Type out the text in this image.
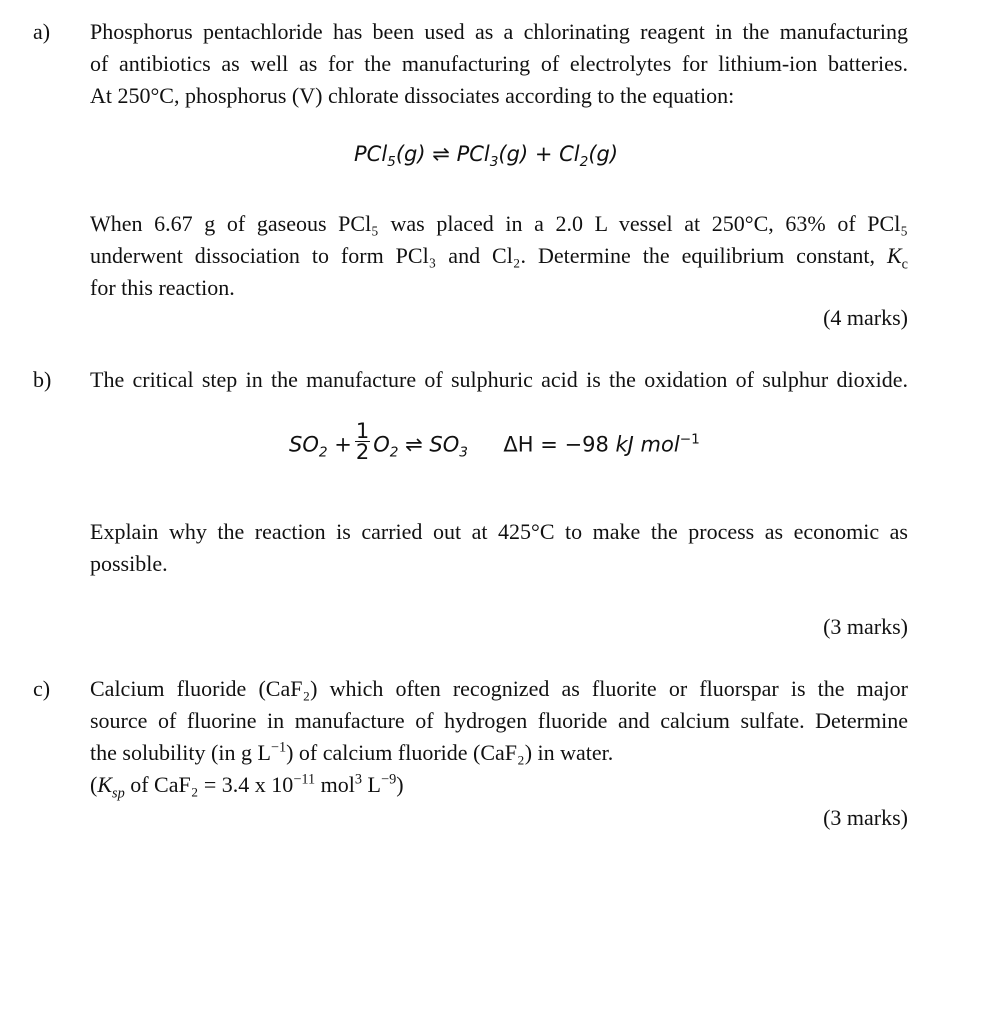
a) Phosphorus pentachloride has been used as a chlorinating reagent in the manufacturing
of antibiotics as well as for the manufacturing of electrolytes for lithium-ion batteries.
At 250°C, phosphorus (V) chlorate dissociates according to the equation:
PCl$_5$(g) ⇌ $PCl_3(g) + Cl_2(g)$
When 6.67 g of gaseous PCl₅ was placed in a 2.0 L vessel at 250°C, 63% of PCl₅
underwent dissociation to form PCl₃ and Cl₂. Determine the equilibrium constant, $K_c$
for this reaction.
(4 marks)
b) The critical step in the manufacture of sulphuric acid is the oxidation of sulphur dioxide.
$SO_2 + \frac{1}{2} O_2$ ⇌ $SO_3$ ΔH = −98 kJ mol$^{-1}$
Explain why the reaction is carried out at 425°C to make the process as economic as
possible.
(3 marks)
c) Calcium fluoride (CaF₂) which often recognized as fluorite or fluorspar is the major
source of fluorine in manufacture of hydrogen fluoride and calcium sulfate. Determine
the solubility (in g $L^{-1}$) of calcium fluoride (CaF₂) in water.
($K_{sp}$ of CaF₂ = 3.4 x $10^{-11}$ mol$^3$ $L^{-9}$)
(3 marks)
